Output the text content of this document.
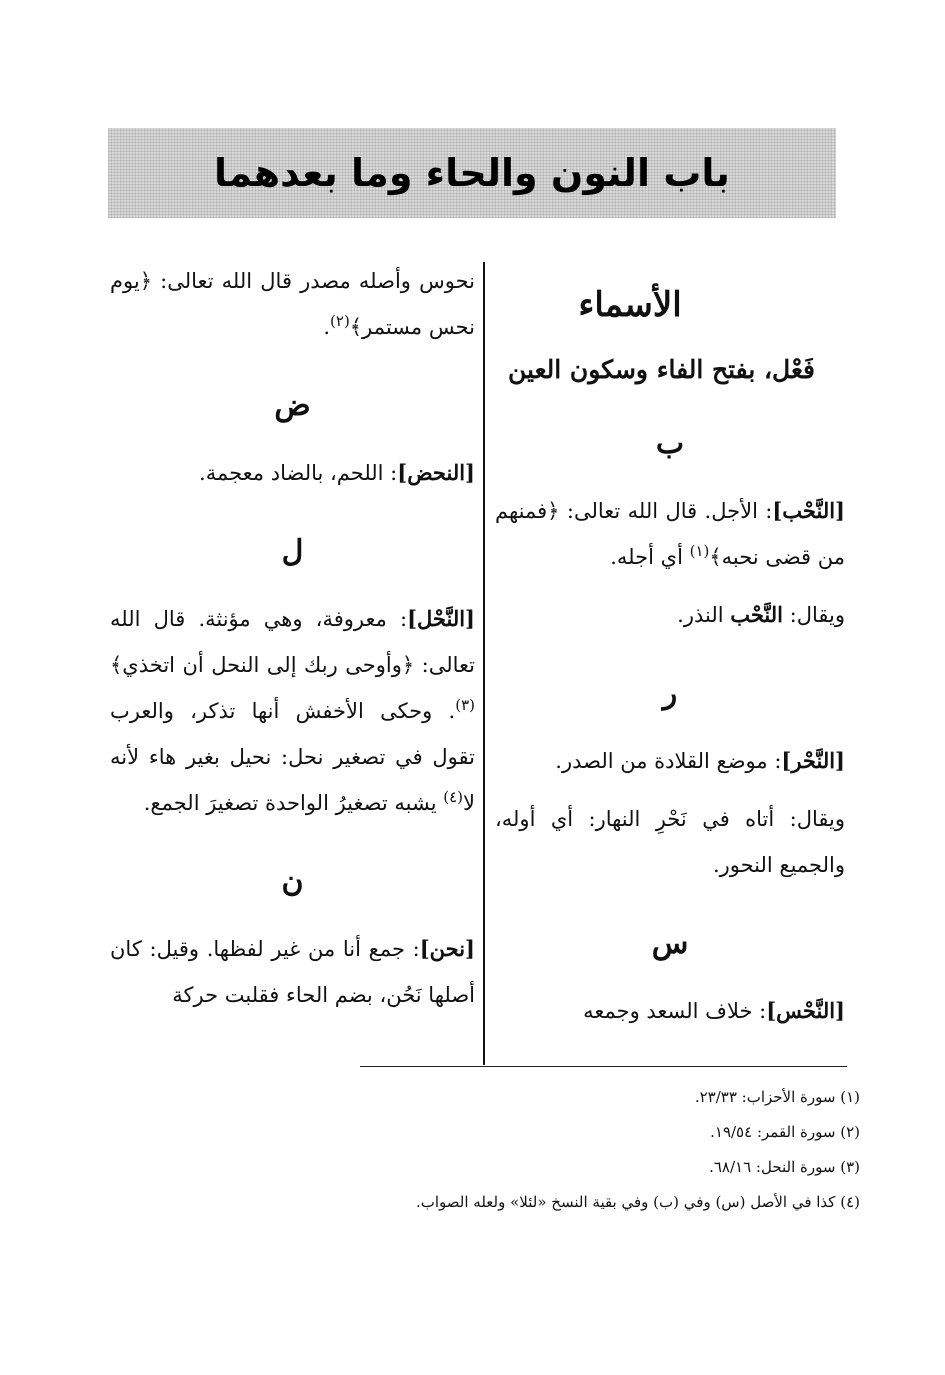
باب النون والحاء وما بعدهما
الأسماء
فَعْل، بفتح الفاء وسكون العين
ب

[النَّحْب]: الأجل. قال الله تعالى: ﴿فمنهم من قضى نحبه﴾$^{(١)}$ أي أجله.

ويقال: النَّحْب النذر.

ر

[النَّحْر]: موضع القلادة من الصدر.

ويقال: أتاه في نَحْرِ النهار: أي أوله، والجميع النحور.

س

[النَّحْس]: خلاف السعد وجمعه

نحوس وأصله مصدر قال الله تعالى: ﴿يوم نحس مستمر﴾$^{(٢)}$.

ض

[النحض]: اللحم، بالضاد معجمة.

ل

[النَّحْل]: معروفة، وهي مؤنثة. قال الله تعالى: ﴿وأوحى ربك إلى النحل أن اتخذي﴾$^{(٣)}$. وحكى الأخفش أنها تذكر، والعرب تقول في تصغير نحل: نحيل بغير هاء لأنه لا$^{(٤)}$ يشبه تصغيرُ الواحدة تصغيرَ الجمع.

ن

[نحن]: جمع أنا من غير لفظها. وقيل: كان أصلها نَحُن، بضم الحاء فقلبت حركة

(١) سورة الأحزاب: ٢٣/٣٣.
(٢) سورة القمر: ١٩/٥٤.
(٣) سورة النحل: ٦٨/١٦.
(٤) كذا في الأصل (س) وفي (ب) وفي بقية النسخ «لئلا» ولعله الصواب.
